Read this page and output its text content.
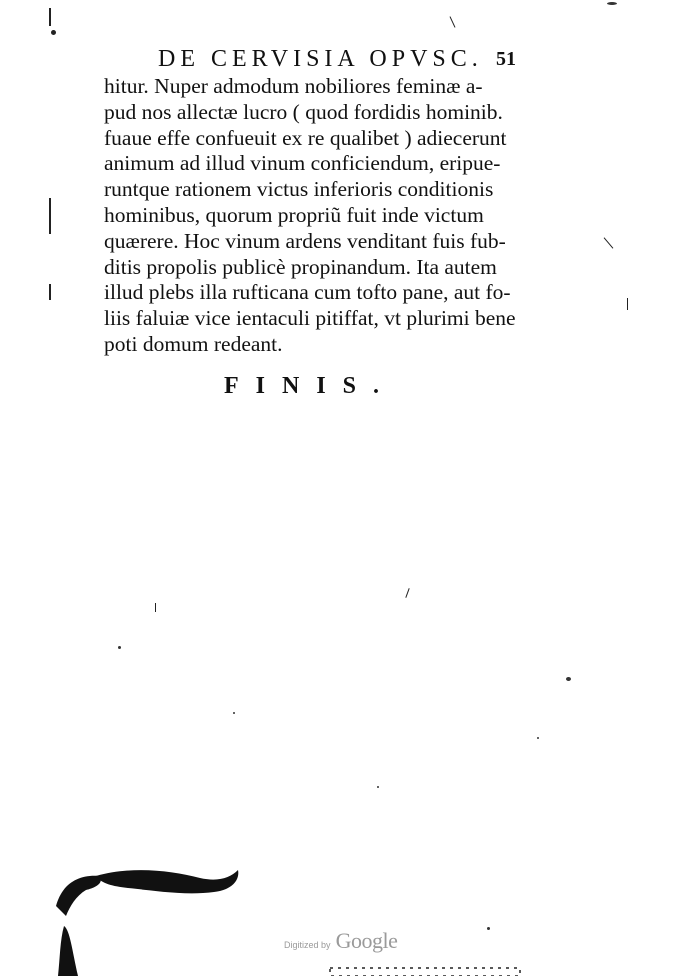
DE CERVISIA OPVSC. 51
hitur. Nuper admodum nobiliores feminæ a-
pud nos allectæ lucro ( quod fordidis hominib.
fuaue effe confueuit ex re qualibet ) adiecerunt
animum ad illud vinum conficiendum, eripue-
runtque rationem victus inferioris conditionis
hominibus, quorum propriũ fuit inde victum
quærere. Hoc vinum ardens venditant fuis fub-
ditis propolis publicè propinandum. Ita autem
illud plebs illa rufticana cum tofto pane, aut fo-
liis faluiæ vice ientaculi pitiffat, vt plurimi bene
poti domum redeant.
FINIS.
Digitized by Google
